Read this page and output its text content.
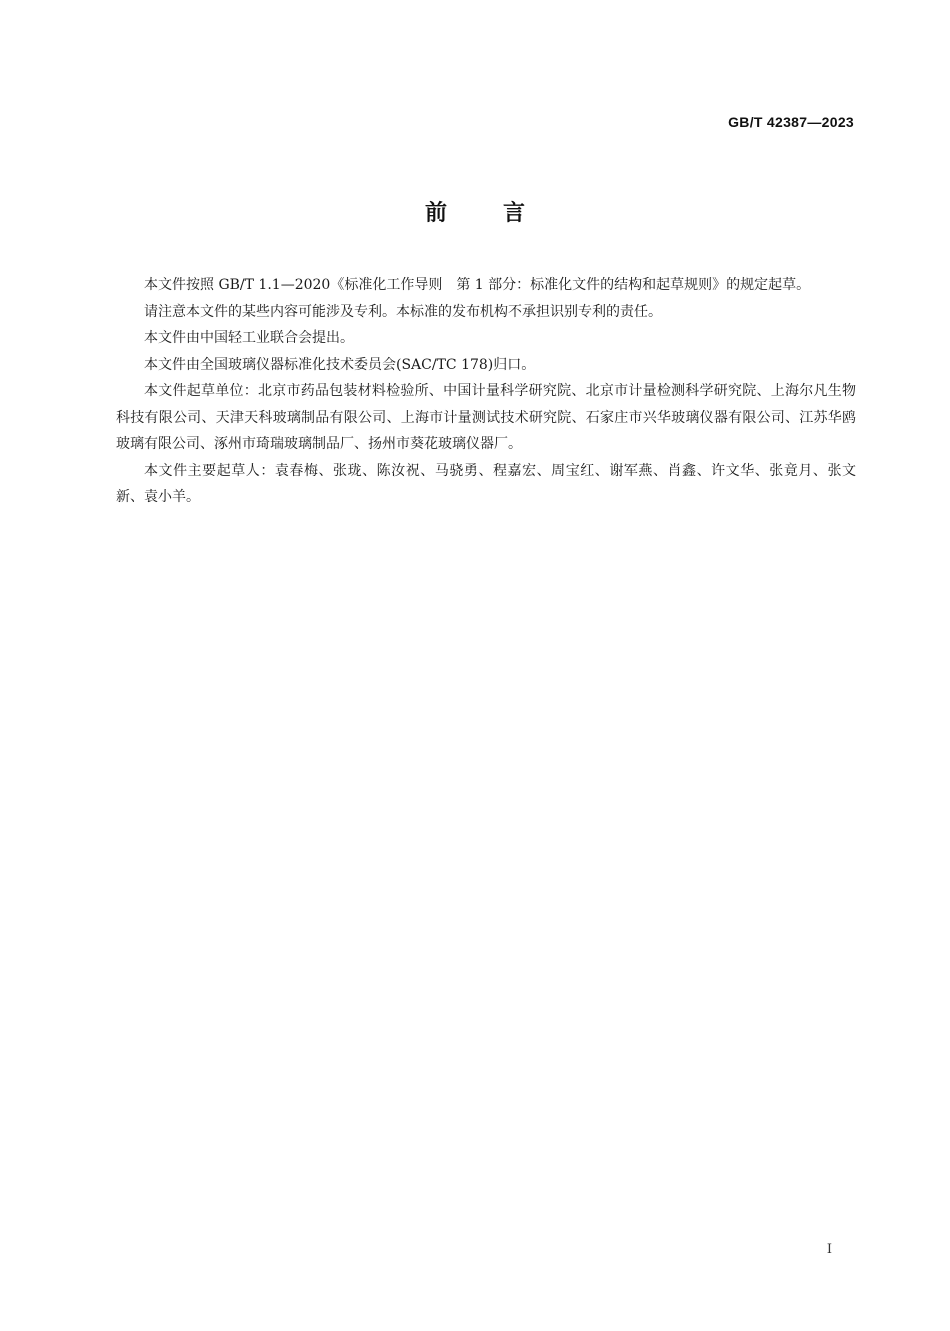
GB/T 42387—2023
前言

本文件按照 GB/T 1.1—2020《标准化工作导则　第 1 部分：标准化文件的结构和起草规则》的规定起草。

请注意本文件的某些内容可能涉及专利。本标准的发布机构不承担识别专利的责任。

本文件由中国轻工业联合会提出。

本文件由全国玻璃仪器标准化技术委员会(SAC/TC 178)归口。

本文件起草单位：北京市药品包装材料检验所、中国计量科学研究院、北京市计量检测科学研究院、上海尔凡生物科技有限公司、天津天科玻璃制品有限公司、上海市计量测试技术研究院、石家庄市兴华玻璃仪器有限公司、江苏华鸥玻璃有限公司、涿州市琦瑞玻璃制品厂、扬州市葵花玻璃仪器厂。

本文件主要起草人：袁春梅、张珑、陈汝祝、马骁勇、程嘉宏、周宝红、谢军燕、肖鑫、许文华、张竟月、张文新、袁小羊。

I
